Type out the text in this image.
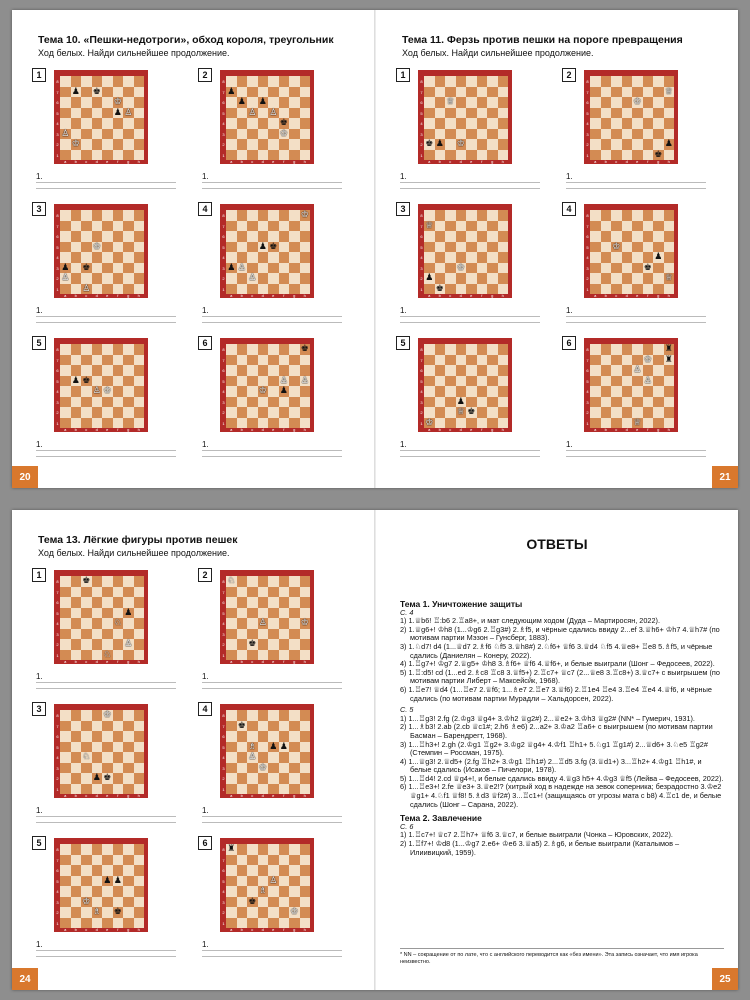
Тема 10. «Пешки-недотроги», обход короля, треугольник
Ход белых. Найди сильнейшее продолжение.
1
8
7
6
5
4
3
2
1
a	b	c	d	e	f	g	h
♟ ♚
♟
♔
♙
♙
♔
1.
2
8
7
6
5
4
3
2
1
a	b	c	d	e	f	g	h
♟
♟
♙
♟
♙
♚
♔
1.
3
8
7
6
5
4
3
2
1
a	b	c	d	e	f	g	h
♔
♟ ♚
♙
♙
1.
4
8
7
6
5
4
3
2
1
a	b	c	d	e	f	g	h
♔
♚
♟
♟ ♙
♙
1.
5
8
7
6
5
4
3
2
1
a	b	c	d	e	f	g	h
♚
♙ ♔
♟
1.
6
8
7
6
5
4
3
2
1
a	b	c	d	e	f	g	h
♚
♙
♙
♔ ♟
1.
20
Тема 11. Ферзь против пешки на пороге превращения
Ход белых. Найди сильнейшее продолжение.
1
8
7
6
5
4
3
2
1
a	b	c	d	e	f	g	h
♕
♚ ♟ ♔
1.
2
8
7
6
5
4
3
2
1
a	b	c	d	e	f	g	h
♕
♔
♟
♚
1.
3
8
7
6
5
4
3
2
1
a	b	c	d	e	f	g	h
♕
♚
♟
♔
1.
4
8
7
6
5
4
3
2
1
a	b	c	d	e	f	g	h
♔
♟
♚
♕
1.
5
8
7
6
5
4
3
2
1
a	b	c	d	e	f	g	h
♟
♚
♕
♔
1.
6
8
7
6
5
4
3
2
1
a	b	c	d	e	f	g	h
♔ ♜
♙
♙
♕
♜
1.
21
Тема 13. Лёгкие фигуры против пешек
Ход белых. Найди сильнейшее продолжение.
1
8
7
6
5
4
3
2
1
a	b	c	d	e	f	g	h
♚
♟
♘
♘
♙
1.
2
8
7
6
5
4
3
2
1
a	b	c	d	e	f	g	h
♘
♙
♚
♔
1.
3
8
7
6
5
4
3
2
1
a	b	c	d	e	f	g	h
♔
♘
♟ ♚
1.
4
8
7
6
5
4
3
2
1
a	b	c	d	e	f	g	h
♚
♗ ♟ ♟
♙
♔
1.
5
8
7
6
5
4
3
2
1
a	b	c	d	e	f	g	h
♟ ♟
♔
♗ ♚
1.
6
8
7
6
5
4
3
2
1
a	b	c	d	e	f	g	h
♜
♙
♗
♚
♔
1.
24
ОТВЕТЫ
Тема 1. Уничтожение защиты
С. 4
1) 1.♕b6! ♖:b6 2.♖a8+, и мат следующим ходом (Дуда – Мартиросян, 2022).
2) 1.♕g6+! ♔h8 (1...♔g6 2.♖g3#) 2.♗f5, и чёрные сдались ввиду 2...ef 3.♕h6+ ♔h7 4.♕h7# (по мотивам партии Мэзон – Гунсберг, 1883).
3) 1.♘d7! d4 (1...♕d7 2.♗f6 ♘f5 3.♕h8#) 2.♘f6+ ♕f6 3.♕d4 ♘f5 4.♕e8+ ♖e8 5.♗f5, и чёрные сдались (Даниелян – Конеру, 2022).
4) 1.♖g7+! ♔g7 2.♕g5+ ♔h8 3.♗f6+ ♕f6 4.♕f6+, и белые выиграли (Шонг – Федосеев, 2022).
5) 1.♖:d5! cd (1...ed 2.♗c8 ♖c8 3.♕f5+) 2.♖c7+ ♕c7 (2...♕e8 3.♖c8+) 3.♕c7+ с выигрышем (по мотивам партии Либерт – Максейсйк, 1968).
6) 1.♖e7! ♕d4 (1...♖e7 2.♕f6; 1...♗e7 2.♖e7 3.♕f6) 2.♖1e4 ♖e4 3.♖e4 ♖e4 4.♕f6, и чёрные сдались (по мотивам партии Мурадли – Хальдорсен, 2022).
С. 5
1) 1...♖g3! 2.fg (2.♔g3 ♕g4+ 3.♔h2 ♕g2#) 2...♕e2+ 3.♔h3 ♕g2# (NN* – Гумерич, 1931).
2) 1...♗b3! 2.ab (2.cb ♕c1#; 2.h6 ♗e6) 2...a2+ 3.♔a2 ♖a6+ с выигрышем (по мотивам партии Басман – Барендрегт, 1968).
3) 1...♖h3+! 2.gh (2.♔g1 ♖g2+ 3.♔g2 ♕g4+ 4.♔f1 ♖h1+ 5.♘g1 ♖g1#) 2...♕d6+ 3.♘e5 ♖g2# (Стемпин – Россман, 1975).
4) 1...♕g3! 2.♕d5+ (2.fg ♖h2+ 3.♔g1 ♖h1#) 2...♖d5 3.fg (3.♕d1+) 3...♖h2+ 4.♔g1 ♖h1#, и белые сдались (Исаков – Пичелори, 1978).
5) 1...♖d4! 2.cd ♕g4+!, и белые сдались ввиду 4.♕g3 h5+ 4.♔g3 ♕f5 (Лейва – Федосеев, 2022).
6) 1...♖e3+! 2.fe ♕e3+ 3.♕e2!? (хитрый ход в надежде на зевок соперника; безрадостно 3.♔e2 ♕g1+ 4.♘f1 ♕f8! 5.♗d3 ♕f2#) 3...♖c1+! (защищаясь от угрозы мата с b8) 4.♖c1 de, и белые сдались (Шонг – Сарана, 2022).
Тема 2. Завлечение
С. 6
1) 1.♖c7+! ♕c7 2.♖h7+ ♕f6 3.♕c7, и белые выиграли (Чонка – Юровских, 2022).
2) 1.♖f7+! ♔d8 (1...♔g7 2.e6+ ♔e6 3.♕a5) 2.♗g6, и белые выиграли (Каталымов – Илиивицкий, 1959).
* NN – сокращение от по латe, что с английского переводится как «без имени». Эта запись означает, что имя игрока неизвестно.
25
